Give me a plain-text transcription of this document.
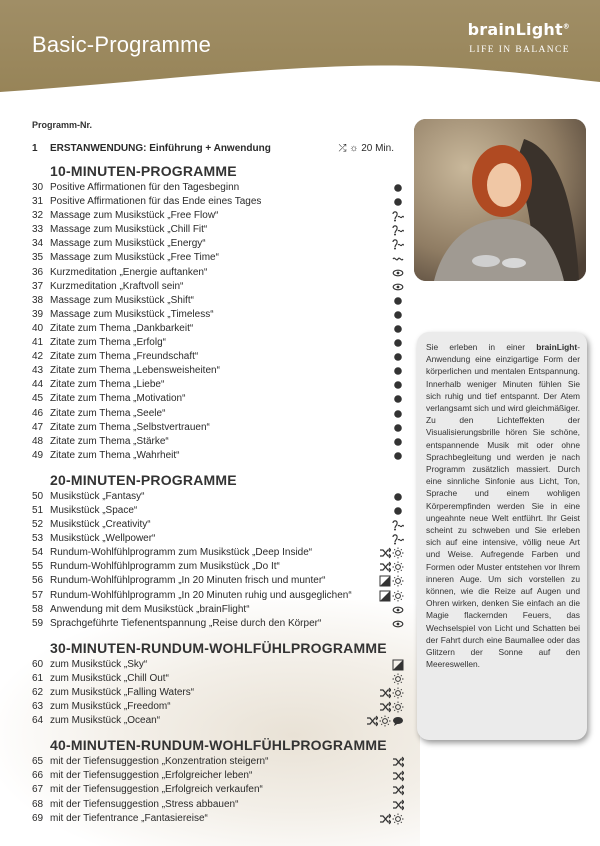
Basic-Programme
brainLight®
LIFE IN BALANCE
Programm-Nr.
1 ERSTANWENDUNG: Einführung + Anwendung	⤮ ☼ 20 Min.
10-MINUTEN-PROGRAMME
30 Positive Affirmationen für den Tagesbeginn
31 Positive Affirmationen für das Ende eines Tages
32 Massage zum Musikstück „Free Flow“
33 Massage zum Musikstück „Chill Fit“
34 Massage zum Musikstück „Energy“
35 Massage zum Musikstück „Free Time“
36 Kurzmeditation „Energie auftanken“
37 Kurzmeditation „Kraftvoll sein“
38 Massage zum Musikstück „Shift“
39 Massage zum Musikstück „Timeless“
40 Zitate zum Thema „Dankbarkeit“
41 Zitate zum Thema „Erfolg“
42 Zitate zum Thema „Freundschaft“
43 Zitate zum Thema „Lebensweisheiten“
44 Zitate zum Thema „Liebe“
45 Zitate zum Thema „Motivation“
46 Zitate zum Thema „Seele“
47 Zitate zum Thema „Selbstvertrauen“
48 Zitate zum Thema „Stärke“
49 Zitate zum Thema „Wahrheit“
20-MINUTEN-PROGRAMME
50 Musikstück „Fantasy“
51 Musikstück „Space“
52 Musikstück „Creativity“
53 Musikstück „Wellpower“
54 Rundum-Wohlfühlprogramm zum Musikstück „Deep Inside“
55 Rundum-Wohlfühlprogramm zum Musikstück „Do It“
56 Rundum-Wohlfühlprogramm „In 20 Minuten frisch und munter“
57 Rundum-Wohlfühlprogramm „In 20 Minuten ruhig und ausgeglichen“
58 Anwendung mit dem Musikstück „brainFlight“
59 Sprachgeführte Tiefenentspannung „Reise durch den Körper“
30-MINUTEN-RUNDUM-WOHLFÜHLPROGRAMME
60 zum Musikstück „Sky“
61 zum Musikstück „Chill Out“
62 zum Musikstück „Falling Waters“
63 zum Musikstück „Freedom“
64 zum Musikstück „Ocean“
40-MINUTEN-RUNDUM-WOHLFÜHLPROGRAMME
65 mit der Tiefensuggestion „Konzentration steigern“
66 mit der Tiefensuggestion „Erfolgreicher leben“
67 mit der Tiefensuggestion „Erfolgreich verkaufen“
68 mit der Tiefensuggestion „Stress abbauen“
69 mit der Tiefentrance „Fantasiereise“
Sie erleben in einer brainLight-Anwendung eine einzigartige Form der körperlichen und mentalen Entspannung. Innerhalb weniger Minuten fühlen Sie sich ruhig und tief entspannt. Der Atem verlangsamt sich und wird gleichmäßiger. Zu den Lichteffekten der Visualisierungsbrille hören Sie schöne, entspannende Musik mit oder ohne Sprachbegleitung und werden je nach Programm zusätzlich massiert. Durch eine sinnliche Sinfonie aus Licht, Ton, Sprache und einem wohligen Körperempfinden werden Sie in eine ungeahnte neue Welt entführt. Ihr Geist scheint zu schweben und Sie erleben sich auf eine intensive, völlig neue Art und Weise. Aufregende Farben und Formen oder Muster entstehen vor Ihrem inneren Auge. Um sich vorstellen zu können, wie die Reize auf Augen und Ohren wirken, denken Sie einfach an die Magie flackernden Feuers, das Wechselspiel von Licht und Schatten bei der Fahrt durch eine Baumallee oder das Glitzern der Sonne auf den Meereswellen.
